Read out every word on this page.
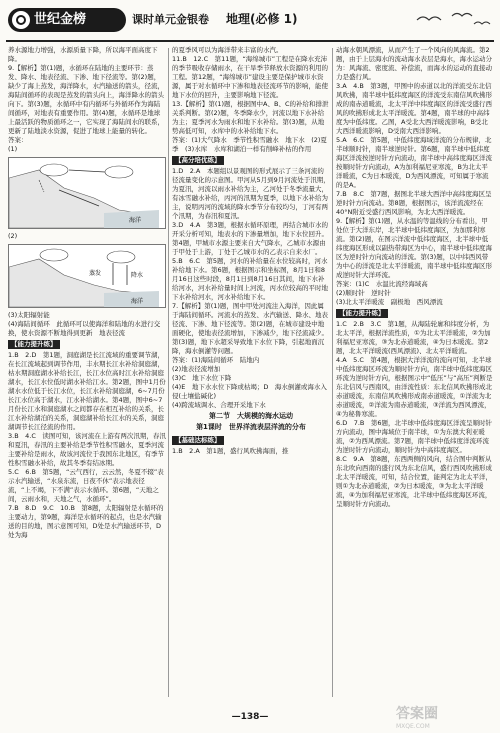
世纪金榜	课时单元金银卷 地理(必修 1)

养水源地力增强，水源质量下降，所以海平面高度下降。

9.【解析】第(1)题，水循环在陆地的主要环节：蒸发、降水、地表径流、下渗、地下径流等。第(2)题，缺少了海上蒸发，海洋降水，水汽输送的箭头，径流，海陆间循环的表现是蒸发的箭头向上，海洋降水的箭头向下。第(3)题，水循环中有内循环与外循环作为海陆间循环，对地表有重要作用。第(4)题，水循环是地球上最活跃的物质循环之一，它实现了海陆间水的联系，更新了陆地淡水资源，促进了地球上能量的转化。

答案：

(1)
海洋
(2)
蒸发	降水
海洋

(3)太阳辐射能

(4)海陆间循环　此循环可以使海洋和陆地的水进行交换，使水资源不断地得到更新　地表径流

【能力提升练】

1.B　2.D　第1题，洞庭湖是长江流域的重要调节湖，在长江流域起到调节作用，丰水期长江水补给洞庭湖，枯水期洞庭湖水补给长江，长江水位高时江水补给洞庭湖水，长江水位低时湖水补给江水。第2题，图中1月份湖水水位低于长江水位，长江水补给洞庭湖，6~7月份长江水位高于湖水，江水补给湖水。第4题，图中6~7月份长江水和洞庭湖水之间都存在相互补给的关系，长江水补给湖泊的关系，洞庭湖补给长江水的关系，洞庭湖调节长江径流的作用。

3.B　4.C　读图可知，该河流在上游有两次汛期，春汛和夏汛，春汛的主要补给是季节性积雪融水，夏季河流主要补给是雨水，故该河流位于我国东北地区，有季节性积雪融水补给，故其冬季有结冰期。

5.C　6.B　第5题，“云气西行，云云然，冬夏不辍”表示水汽输送，“水泉东流，日夜不休”表示地表径流，“上不竭，下不满”表示水循环。第6题，“天地之间，云雨水和，天地之气，水循环”。

7.B　8.D　9.C　10.B　第8题，太阳辐射是水循环的主要动力，第9题，海洋是水循环的起点，也是水汽输送的目的地，图示意图可知，D处是水汽输送环节，D处为海

的夏季风可以为海洋带来丰富的水汽。

11.B　12.C　第11题，“海绵城市”工程是在降水充沛的季节吸收存储雨水，在干旱季节释放水资源的利用的工程。第12题，“海绵城市”建设主要是保护城市水资源，属于对水循环中下渗和地表径流环节的影响，能使地下水位的回升，主要影响地下径流。

13.【解析】第(1)题，根据图中A、B、C的补给和排泄关系判断。第(2)题，冬季降水少，河流以地下水补给为主；夏季河水为雨水和地下水补给。第(3)题，从地势高低可知，水库中的水补给地下水。

答案：(1)大气降水　季节性积雪融水　地下水　(2)夏季　(3)水库　水库和湖泊一样有削峰补枯的作用

【高分培优练】

1.D　2.A　本题组以景观图的形式展示了三条河流的径流量变化的示意图。甲河从5月到9月河流处于汛期，为夏汛，河流以雨水补给为主，乙河处于冬季流量大，有冰雪融水补给，丙河的汛期为夏季，以地下水补给为主，说明丙河的流域的降水季节分布较均匀，丁河有两个汛期，为春汛和夏汛。

3.D　4.A　第3题，根据水循环原理，再结合城市水的开采分析可知，地表水的下渗量增加，地下水位回升。第4题，甲城市水源主要来自大气降水，乙城市水源由于甲处于上游，丁处于乙城市水的乙表示自来水厂。

5.B　6.C　第5题，河水的补给量在水位较高时，河水补给地下水。第6题，根据图示和坐标图，8月1日和8月16日这些时段，8月1日到8月16日其间，地下水补给河水，河水补给量时间上河流，丙水位较高的平时地下水补给河水，河水补给地下水。

7.【解析】第(1)题，图中甲处河流注入海洋，因此属于海陆间循环。河流水的蒸发、水汽输送、降水、地表径流、下渗、地下径流等。第(2)题，在城市建设中地面硬化，使地表径流增加，下渗减少，地下径流减少。第(3)题，地下水超采导致地下水位下降，引起地面沉降，海水倒灌等问题。

答案：(1)海陆间循环　陆地内
(2)地表径流增加
(3)C　地下水位下降
(4)E　地下水水位下降或枯竭；D　海水倒灌或海水入侵(土壤盐碱化)
(4)跨流域调水、合理开采地下水

第二节　大规模的海水运动
第1课时　世界洋流表层洋流的分布
【基础达标练】

1.B　2.A　第1题，盛行风吹拂海面，推

动海水朝风漂流，从而产生了一个风向的风海流。第2题，由于上层海水的流动海水表层是海水，海水运动分为：风海流、密度流、补偿流，而海水的运动的直接动力是盛行风。

3.A　4.B　第3题，甲图中的赤道以北的洋流受东北信风吹拂，南半球中低纬度海区的洋流受东南信风吹拂形成的南赤道暖流，北太平洋中纬度海区的洋流受盛行西风的吹拂形成北太平洋暖流。第4题，南半球的中高纬度为中低纬度。乙图，A受北大西洋暖流影响，B受北大西洋暖流影响，D受南大西洋影响。

5.A　6.C　第5题，中低纬度海域洋流的分布规律，北半球顺时针，南半球逆时针。第6题，南半球中低纬度海区洋流按逆时针方向流动，南半球中高纬度海区洋流按顺时针方向流动，A为加利福尼亚寒流，B为北太平洋暖流，C为日本暖流，D为西风漂流，可知属于寒流的是A。

7.B　8.C　第7题，据图北半球大西洋中高纬度海区呈逆时针方向流动。第8题，根据图示，该洋流流经在40°N附近受盛行西风影响，为北大西洋暖流。

9.【解析】第(1)题，从水温的等温线的分布看出，甲处位于大洋东岸，北半球中低纬度海区，为加那利寒流。第(2)题，在图示洋流中低纬度海区，北半球中低纬度海区形成以副热带海区为中心，南半球中低纬度海区为逆时针方向流动的洋流。第(3)题，以中纬西风带为中心的洋流是北太平洋暖流，南半球中低纬度海区形成逆时针大洋环流。

答案：(1)C　水温比流经海域高
(2)顺时针　逆时针
(3)北太平洋暖流　副极地　西风漂流

【能力提升练】

1.C　2.B　3.C　第1题，从海陆轮廓和纬度分析，为北太平洋，根据洋流性质，①为北太平洋暖流，②为加利福尼亚寒流，③为北赤道暖流，④为日本暖流。第2题，北太平洋暖流(西风漂流)、北太平洋暖流。

4.A　5.C　第4题，根据大洋洋流的流向可知，北半球中低纬度海区环流为顺时针方向，南半球中低纬度海区环流为逆时针方向，根据图示中“低压”与“高压”判断是东北信风与西南风，由洋流性质：东北信风吹拂形成北赤道暖流，东南信风吹拂形成南赤道暖流，①洋流为北赤道暖流，②洋流为南赤道暖流，③洋流为西风漂流，④为秘鲁寒流。

6.D　7.B　第6题，北半球中低纬度海区洋流呈顺时针方向流动，图中海域位于南半球，①为东澳大利亚暖流，②为西风漂流。第7题，南半球中低纬度洋流环流为逆时针方向流动，顺时针为中高纬度海区。

8.C　9.A　第8题，东西两侧的风向，结合图中判断从东北吹向西南的盛行风为东北信风，盛行西风吹拂形成北太平洋暖流，可知，结合位置，能判定为北太平洋，则①为北赤道暖流，②为日本暖流，③为北太平洋暖流，④为加利福尼亚寒流，北半球中低纬度海区环流，呈顺时针方向流动。

—138—	答案圈
MXQE.COM
